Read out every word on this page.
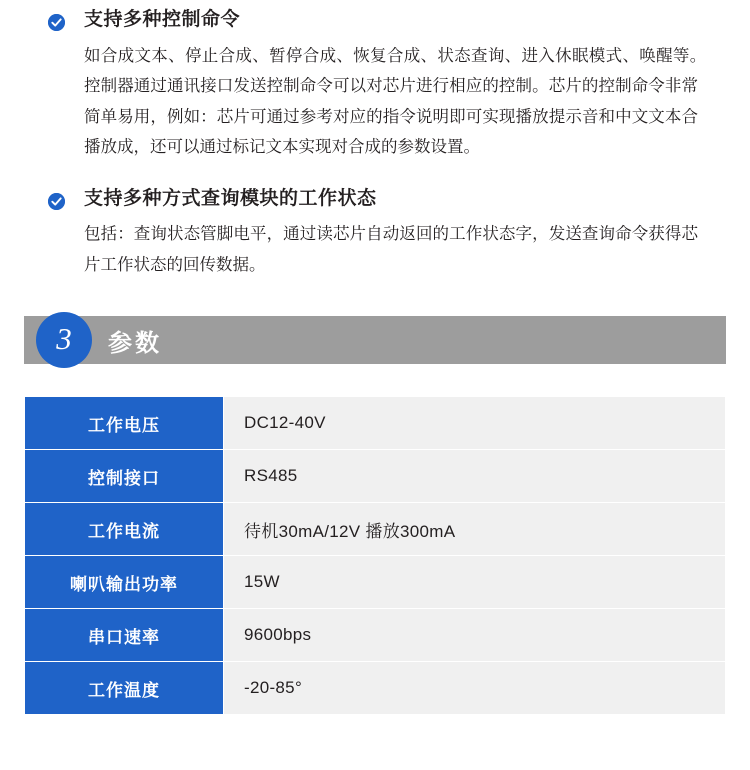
支持多种控制命令
如合成文本、停止合成、暂停合成、恢复合成、状态查询、进入休眠模式、唤醒等。　控制器通过通讯接口发送控制命令可以对芯片进行相应的控制。芯片的控制命令非常简单易用，例如：芯片可通过参考对应的指令说明即可实现播放提示音和中文文本合播放成，还可以通过标记文本实现对合成的参数设置。
支持多种方式查询模块的工作状态
包括：查询状态管脚电平，通过读芯片自动返回的工作状态字，发送查询命令获得芯片工作状态的回传数据。
3 参数
工作电压	DC12-40V
控制接口	RS485
工作电流	待机30mA/12V 播放300mA
喇叭输出功率	15W
串口速率	9600bps
工作温度	-20-85°
